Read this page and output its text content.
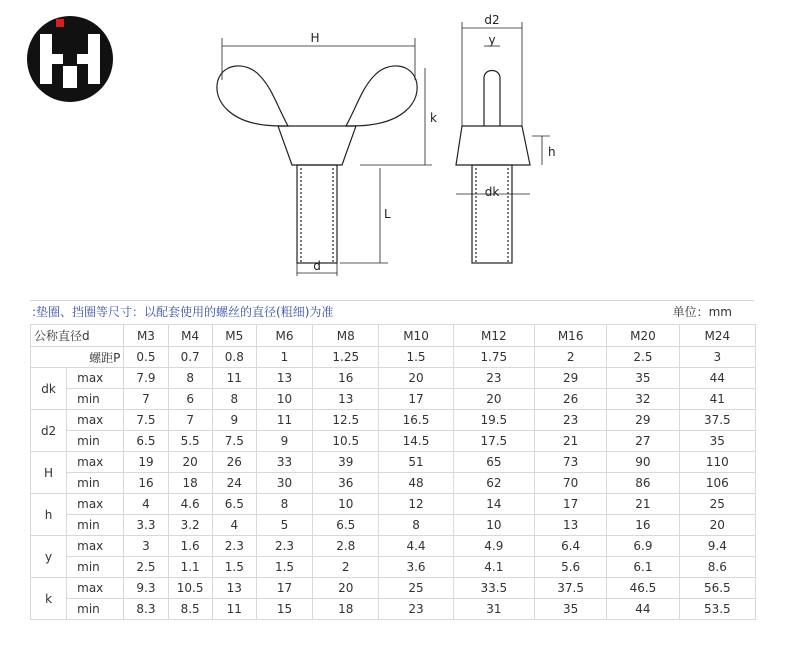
H
k
L
d
d2
y
h
dk
:垫圈、挡圈等尺寸：以配套使用的螺丝的直径(粗细)为准	单位：mm
公称直径d		M3	M4	M5	M6	M8	M10	M12	M16	M20	M24
螺距P		0.5	0.7	0.8	1	1.25	1.5	1.75	2	2.5	3
dk	max	7.9	8	11	13	16	20	23	29	35	44
	min	7	6	8	10	13	17	20	26	32	41
d2	max	7.5	7	9	11	12.5	16.5	19.5	23	29	37.5
	min	6.5	5.5	7.5	9	10.5	14.5	17.5	21	27	35
H	max	19	20	26	33	39	51	65	73	90	110
	min	16	18	24	30	36	48	62	70	86	106
h	max	4	4.6	6.5	8	10	12	14	17	21	25
	min	3.3	3.2	4	5	6.5	8	10	13	16	20
y	max	3	1.6	2.3	2.3	2.8	4.4	4.9	6.4	6.9	9.4
	min	2.5	1.1	1.5	1.5	2	3.6	4.1	5.6	6.1	8.6
k	max	9.3	10.5	13	17	20	25	33.5	37.5	46.5	56.5
	min	8.3	8.5	11	15	18	23	31	35	44	53.5
